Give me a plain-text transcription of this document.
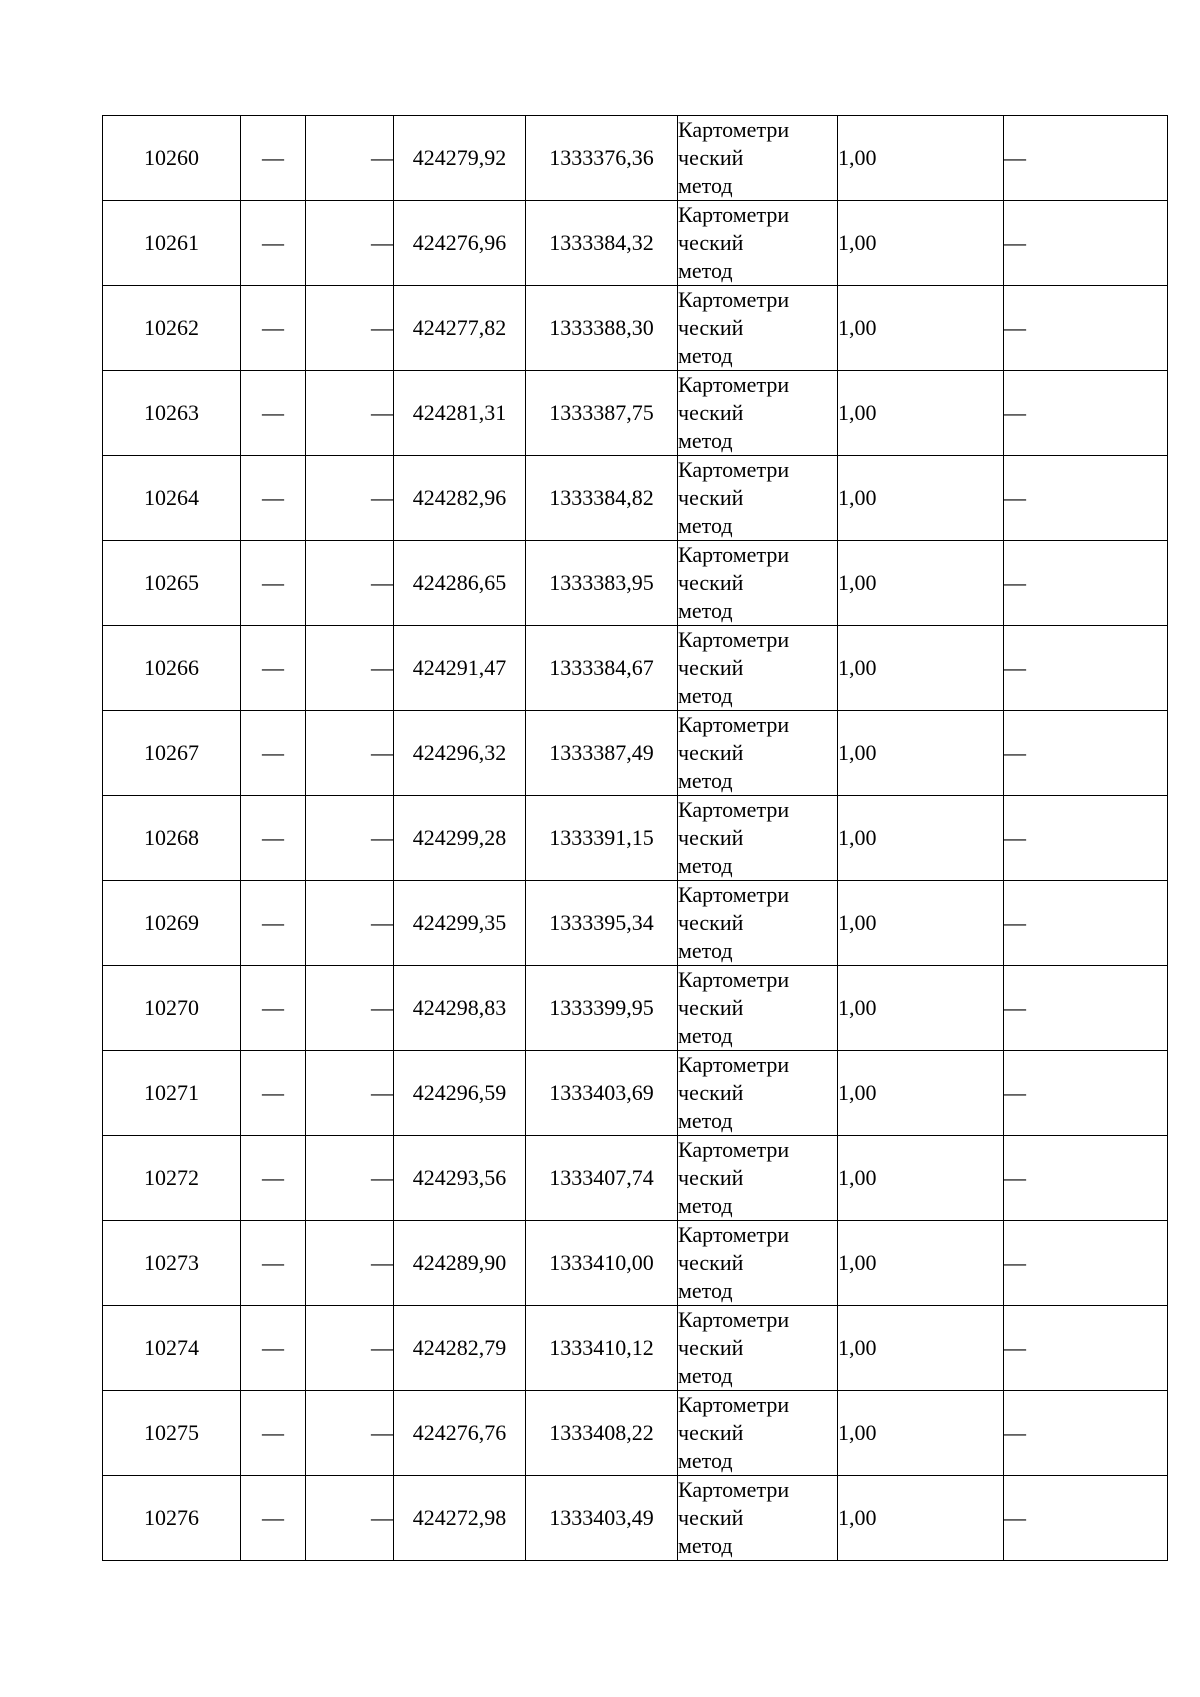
10260	—	—	424279,92	1333376,36	Картометри
ческий
метод	1,00	—
10261	—	—	424276,96	1333384,32	Картометри
ческий
метод	1,00	—
10262	—	—	424277,82	1333388,30	Картометри
ческий
метод	1,00	—
10263	—	—	424281,31	1333387,75	Картометри
ческий
метод	1,00	—
10264	—	—	424282,96	1333384,82	Картометри
ческий
метод	1,00	—
10265	—	—	424286,65	1333383,95	Картометри
ческий
метод	1,00	—
10266	—	—	424291,47	1333384,67	Картометри
ческий
метод	1,00	—
10267	—	—	424296,32	1333387,49	Картометри
ческий
метод	1,00	—
10268	—	—	424299,28	1333391,15	Картометри
ческий
метод	1,00	—
10269	—	—	424299,35	1333395,34	Картометри
ческий
метод	1,00	—
10270	—	—	424298,83	1333399,95	Картометри
ческий
метод	1,00	—
10271	—	—	424296,59	1333403,69	Картометри
ческий
метод	1,00	—
10272	—	—	424293,56	1333407,74	Картометри
ческий
метод	1,00	—
10273	—	—	424289,90	1333410,00	Картометри
ческий
метод	1,00	—
10274	—	—	424282,79	1333410,12	Картометри
ческий
метод	1,00	—
10275	—	—	424276,76	1333408,22	Картометри
ческий
метод	1,00	—
10276	—	—	424272,98	1333403,49	Картометри
ческий
метод	1,00	—
